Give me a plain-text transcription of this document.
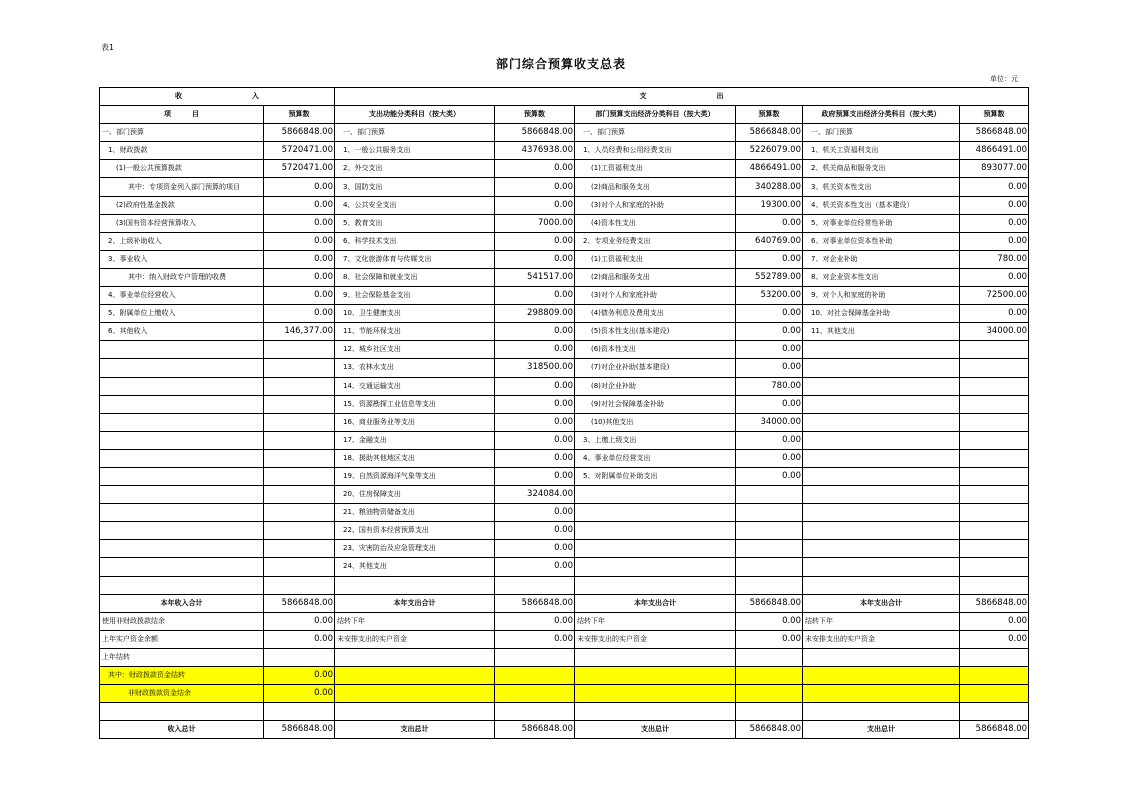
表1
部门综合预算收支总表
单位：元
收　　　　　　　　　　入		支　　　　　　　　　　出					
项　　　目	预算数	支出功能分类科目（按大类）	预算数	部门预算支出经济分类科目（按大类）	预算数	政府预算支出经济分类科目（按大类）	预算数
一、部门预算	5866848.00	一、部门预算	5866848.00	一、部门预算	5866848.00	一、部门预算	5866848.00
1、财政拨款	5720471.00	1、一般公共服务支出	4376938.00	1、人员经费和公用经费支出	5226079.00	1、机关工资福利支出	4866491.00
(1)一般公共预算拨款	5720471.00	2、外交支出	0.00	(1)工资福利支出	4866491.00	2、机关商品和服务支出	893077.00
其中：专项资金列入部门预算的项目	0.00	3、国防支出	0.00	(2)商品和服务支出	340288.00	3、机关资本性支出	0.00
(2)政府性基金拨款	0.00	4、公共安全支出	0.00	(3)对个人和家庭的补助	19300.00	4、机关资本性支出（基本建设）	0.00
(3)国有资本经营预算收入	0.00	5、教育支出	7000.00	(4)资本性支出	0.00	5、对事业单位经常性补助	0.00
2、上级补助收入	0.00	6、科学技术支出	0.00	2、专项业务经费支出	640769.00	6、对事业单位资本性补助	0.00
3、事业收入	0.00	7、文化旅游体育与传媒支出	0.00	(1)工资福利支出	0.00	7、对企业补助	780.00
其中：纳入财政专户管理的收费	0.00	8、社会保障和就业支出	541517.00	(2)商品和服务支出	552789.00	8、对企业资本性支出	0.00
4、事业单位经营收入	0.00	9、社会保险基金支出	0.00	(3)对个人和家庭补助	53200.00	9、对个人和家庭的补助	72500.00
5、附属单位上缴收入	0.00	10、卫生健康支出	298809.00	(4)债务利息及费用支出	0.00	10、对社会保障基金补助	0.00
6、其他收入	146,377.00	11、节能环保支出	0.00	(5)资本性支出(基本建设)	0.00	11、其他支出	34000.00
		12、城乡社区支出	0.00	(6)资本性支出	0.00		
		13、农林水支出	318500.00	(7)对企业补助(基本建设)	0.00		
		14、交通运输支出	0.00	(8)对企业补助	780.00		
		15、资源勘探工业信息等支出	0.00	(9)对社会保障基金补助	0.00		
		16、商业服务业等支出	0.00	(10)其他支出	34000.00		
		17、金融支出	0.00	3、上缴上级支出	0.00		
		18、援助其他地区支出	0.00	4、事业单位经营支出	0.00		
		19、自然资源海洋气象等支出	0.00	5、对附属单位补助支出	0.00		
		20、住房保障支出	324084.00				
		21、粮油物资储备支出	0.00				
		22、国有资本经营预算支出	0.00				
		23、灾害防治及应急管理支出	0.00				
		24、其他支出	0.00				

本年收入合计	5866848.00	本年支出合计	5866848.00	本年支出合计	5866848.00	本年支出合计	5866848.00
使用非财政拨款结余	0.00	结转下年	0.00	结转下年	0.00	结转下年	0.00
上年实户资金余额	0.00	未安排支出的实户资金	0.00	未安排支出的实户资金	0.00	未安排支出的实户资金	0.00
上年结转							
其中：财政拨款资金结转	0.00						
非财政拨款资金结余	0.00						

收入总计	5866848.00	支出总计	5866848.00	支出总计	5866848.00	支出总计	5866848.00
